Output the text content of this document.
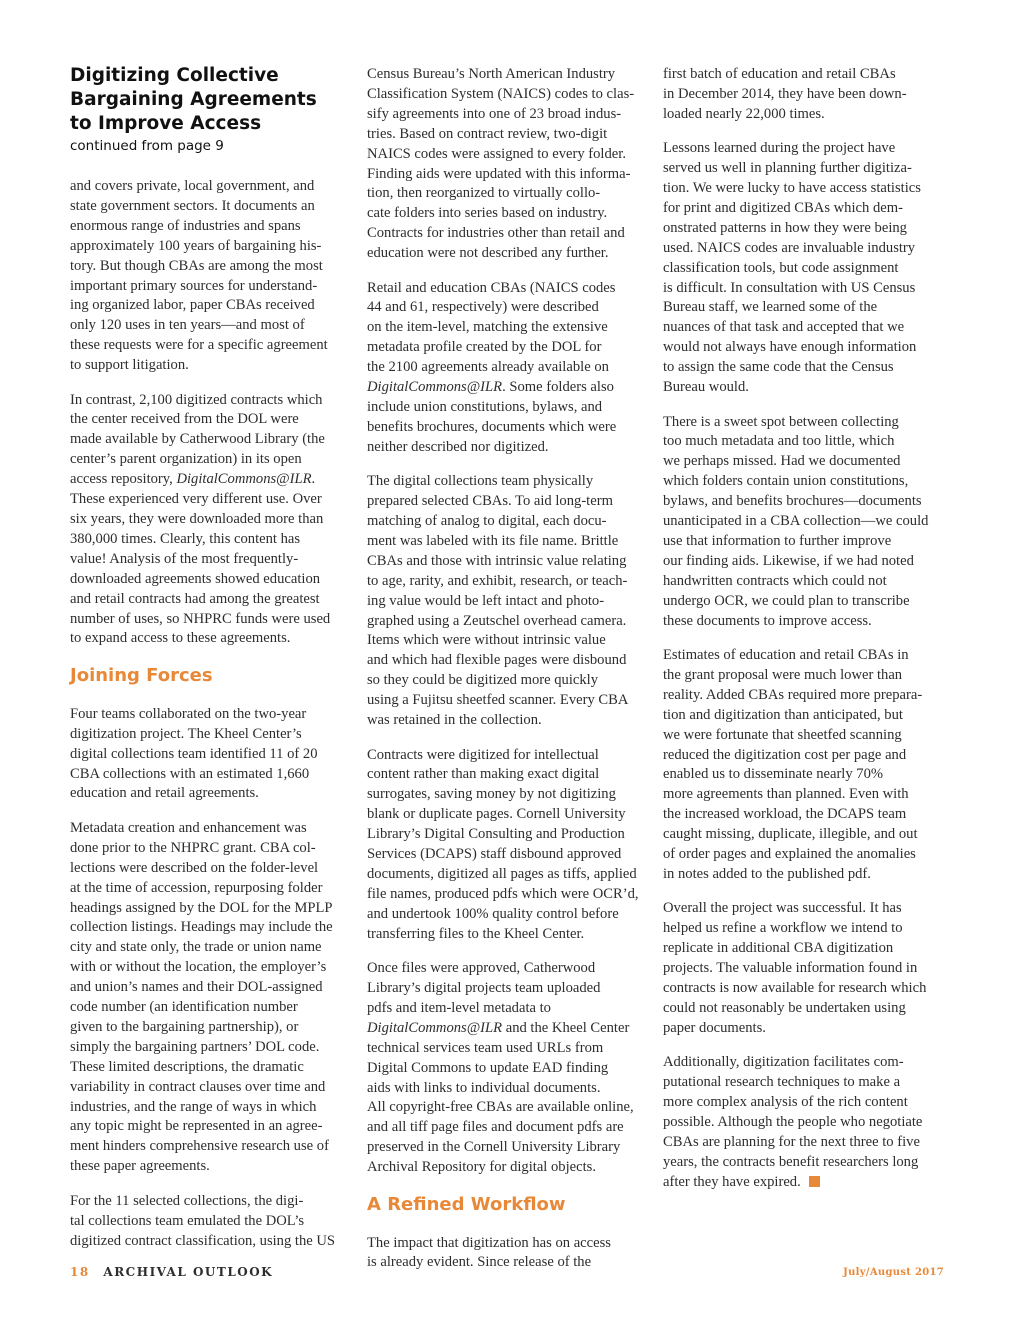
Digitizing Collective
Bargaining Agreements
to Improve Access
continued from page 9
and covers private, local government, and
state government sectors. It documents an
enormous range of industries and spans
approximately 100 years of bargaining his-
tory. But though CBAs are among the most
important primary sources for understand-
ing organized labor, paper CBAs received
only 120 uses in ten years—and most of
these requests were for a specific agreement
to support litigation.
In contrast, 2,100 digitized contracts which
the center received from the DOL were
made available by Catherwood Library (the
center’s parent organization) in its open
access repository, DigitalCommons@ILR.
These experienced very different use. Over
six years, they were downloaded more than
380,000 times. Clearly, this content has
value! Analysis of the most frequently-
downloaded agreements showed education
and retail contracts had among the greatest
number of uses, so NHPRC funds were used
to expand access to these agreements.
Joining Forces
Four teams collaborated on the two-year
digitization project. The Kheel Center’s
digital collections team identified 11 of 20
CBA collections with an estimated 1,660
education and retail agreements.
Metadata creation and enhancement was
done prior to the NHPRC grant. CBA col-
lections were described on the folder-level
at the time of accession, repurposing folder
headings assigned by the DOL for the MPLP
collection listings. Headings may include the
city and state only, the trade or union name
with or without the location, the employer’s
and union’s names and their DOL-assigned
code number (an identification number
given to the bargaining partnership), or
simply the bargaining partners’ DOL code.
These limited descriptions, the dramatic
variability in contract clauses over time and
industries, and the range of ways in which
any topic might be represented in an agree-
ment hinders comprehensive research use of
these paper agreements.
For the 11 selected collections, the digi-
tal collections team emulated the DOL’s
digitized contract classification, using the US
Census Bureau’s North American Industry
Classification System (NAICS) codes to clas-
sify agreements into one of 23 broad indus-
tries. Based on contract review, two-digit
NAICS codes were assigned to every folder.
Finding aids were updated with this informa-
tion, then reorganized to virtually collo-
cate folders into series based on industry.
Contracts for industries other than retail and
education were not described any further.
Retail and education CBAs (NAICS codes
44 and 61, respectively) were described
on the item-level, matching the extensive
metadata profile created by the DOL for
the 2100 agreements already available on
DigitalCommons@ILR. Some folders also
include union constitutions, bylaws, and
benefits brochures, documents which were
neither described nor digitized.
The digital collections team physically
prepared selected CBAs. To aid long-term
matching of analog to digital, each docu-
ment was labeled with its file name. Brittle
CBAs and those with intrinsic value relating
to age, rarity, and exhibit, research, or teach-
ing value would be left intact and photo-
graphed using a Zeutschel overhead camera.
Items which were without intrinsic value
and which had flexible pages were disbound
so they could be digitized more quickly
using a Fujitsu sheetfed scanner. Every CBA
was retained in the collection.
Contracts were digitized for intellectual
content rather than making exact digital
surrogates, saving money by not digitizing
blank or duplicate pages. Cornell University
Library’s Digital Consulting and Production
Services (DCAPS) staff disbound approved
documents, digitized all pages as tiffs, applied
file names, produced pdfs which were OCR’d,
and undertook 100% quality control before
transferring files to the Kheel Center.
Once files were approved, Catherwood
Library’s digital projects team uploaded
pdfs and item-level metadata to
DigitalCommons@ILR and the Kheel Center
technical services team used URLs from
Digital Commons to update EAD finding
aids with links to individual documents.
All copyright-free CBAs are available online,
and all tiff page files and document pdfs are
preserved in the Cornell University Library
Archival Repository for digital objects.
A Refined Workflow
The impact that digitization has on access
is already evident. Since release of the
first batch of education and retail CBAs
in December 2014, they have been down-
loaded nearly 22,000 times.
Lessons learned during the project have
served us well in planning further digitiza-
tion. We were lucky to have access statistics
for print and digitized CBAs which dem-
onstrated patterns in how they were being
used. NAICS codes are invaluable industry
classification tools, but code assignment
is difficult. In consultation with US Census
Bureau staff, we learned some of the
nuances of that task and accepted that we
would not always have enough information
to assign the same code that the Census
Bureau would.
There is a sweet spot between collecting
too much metadata and too little, which
we perhaps missed. Had we documented
which folders contain union constitutions,
bylaws, and benefits brochures—documents
unanticipated in a CBA collection—we could
use that information to further improve
our finding aids. Likewise, if we had noted
handwritten contracts which could not
undergo OCR, we could plan to transcribe
these documents to improve access.
Estimates of education and retail CBAs in
the grant proposal were much lower than
reality. Added CBAs required more prepara-
tion and digitization than anticipated, but
we were fortunate that sheetfed scanning
reduced the digitization cost per page and
enabled us to disseminate nearly 70%
more agreements than planned. Even with
the increased workload, the DCAPS team
caught missing, duplicate, illegible, and out
of order pages and explained the anomalies
in notes added to the published pdf.
Overall the project was successful. It has
helped us refine a workflow we intend to
replicate in additional CBA digitization
projects. The valuable information found in
contracts is now available for research which
could not reasonably be undertaken using
paper documents.
Additionally, digitization facilitates com-
putational research techniques to make a
more complex analysis of the rich content
possible. Although the people who negotiate
CBAs are planning for the next three to five
years, the contracts benefit researchers long
after they have expired.
18 ARCHIVAL OUTLOOK	July/August 2017
